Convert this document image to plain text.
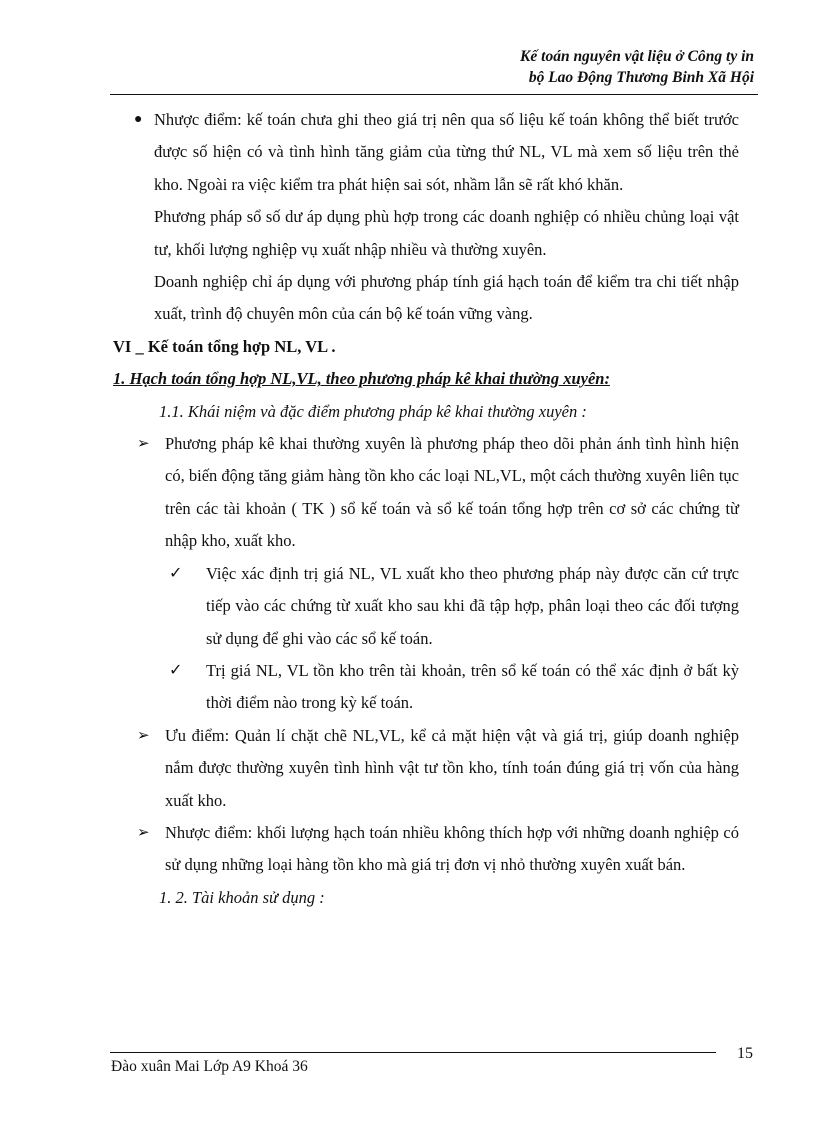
Kế toán nguyên vật liệu ở Công ty in
bộ Lao Động Thương Binh Xã Hội
● Nhược điểm: kế toán chưa ghi theo giá trị nên qua số liệu kế toán không thể biết trước được số hiện có và tình hình tăng giảm của từng thứ NL, VL mà xem số liệu trên thẻ kho. Ngoài ra việc kiểm tra phát hiện sai sót, nhầm lẫn sẽ rất khó khăn.

Phương pháp sổ số dư áp dụng phù hợp trong các doanh nghiệp có nhiều chủng loại vật tư, khối lượng nghiệp vụ xuất nhập nhiều và thường xuyên.

Doanh nghiệp chỉ áp dụng với phương pháp tính giá hạch toán để kiểm tra chi tiết nhập xuất, trình độ chuyên môn của cán bộ kế toán vững vàng.

VI _ Kế toán tổng hợp NL, VL .

1. Hạch toán tổng hợp NL,VL, theo phương pháp kê khai thường xuyên:

1.1. Khái niệm và đặc điểm phương pháp kê khai thường xuyên :

➢ Phương pháp kê khai thường xuyên là phương pháp theo dõi phản ánh tình hình hiện có, biến động tăng giảm hàng tồn kho các loại NL,VL, một cách thường xuyên liên tục trên các tài khoản ( TK ) sổ kế toán và sổ kế toán tổng hợp trên cơ sở các chứng từ nhập kho, xuất kho.

✓ Việc xác định trị giá NL, VL xuất kho theo phương pháp này được căn cứ trực tiếp vào các chứng từ xuất kho sau khi đã tập hợp, phân loại theo các đối tượng sử dụng để ghi vào các sổ kế toán.

✓ Trị giá NL, VL tồn kho trên tài khoản, trên sổ kế toán có thể xác định ở bất kỳ thời điểm nào trong kỳ kế toán.

➢ Ưu điểm: Quản lí chặt chẽ NL,VL, kể cả mặt hiện vật và giá trị, giúp doanh nghiệp nắm được thường xuyên tình hình vật tư tồn kho, tính toán đúng giá trị vốn của hàng xuất kho.

➢ Nhược điểm: khối lượng hạch toán nhiều không thích hợp với những doanh nghiệp có sử dụng những loại hàng tồn kho mà giá trị đơn vị nhỏ thường xuyên xuất bán.

1. 2. Tài khoản sử dụng :

Đào xuân Mai Lớp A9 Khoá 36
15
